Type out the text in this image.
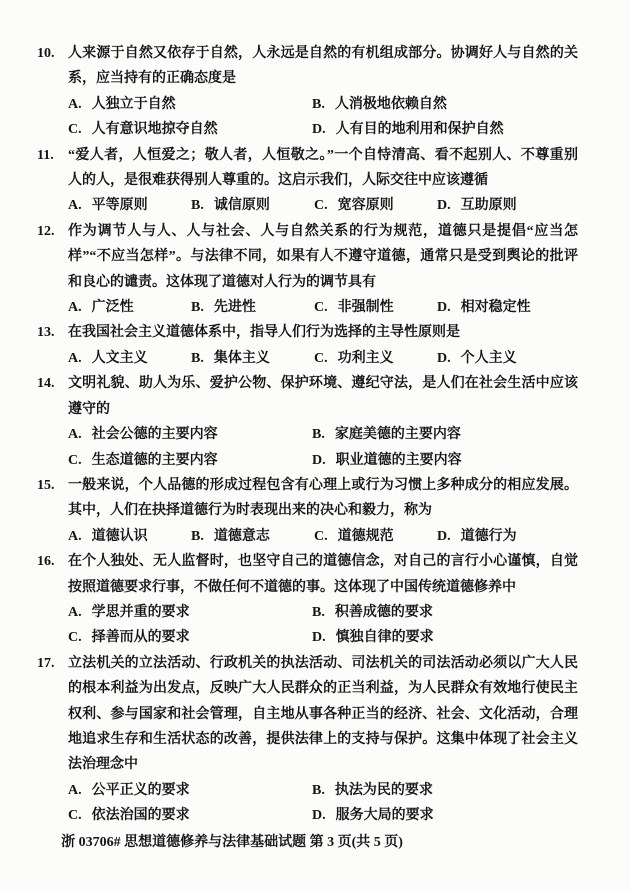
10. 人来源于自然又依存于自然，人永远是自然的有机组成部分。协调好人与自然的关系，应当持有的正确态度是
A. 人独立于自然	B. 人消极地依赖自然
C. 人有意识地掠夺自然	D. 人有目的地利用和保护自然
11. “爱人者，人恒爱之；敬人者，人恒敬之。”一个自恃清高、看不起别人、不尊重别人的人，是很难获得别人尊重的。这启示我们，人际交往中应该遵循
A. 平等原则	B. 诚信原则	C. 宽容原则	D. 互助原则
12. 作为调节人与人、人与社会、人与自然关系的行为规范，道德只是提倡“应当怎样”“不应当怎样”。与法律不同，如果有人不遵守道德，通常只是受到舆论的批评和良心的谴责。这体现了道德对人行为的调节具有
A. 广泛性	B. 先进性	C. 非强制性	D. 相对稳定性
13. 在我国社会主义道德体系中，指导人们行为选择的主导性原则是
A. 人文主义	B. 集体主义	C. 功利主义	D. 个人主义
14. 文明礼貌、助人为乐、爱护公物、保护环境、遵纪守法，是人们在社会生活中应该遵守的
A. 社会公德的主要内容	B. 家庭美德的主要内容
C. 生态道德的主要内容	D. 职业道德的主要内容
15. 一般来说，个人品德的形成过程包含有心理上或行为习惯上多种成分的相应发展。其中，人们在抉择道德行为时表现出来的决心和毅力，称为
A. 道德认识	B. 道德意志	C. 道德规范	D. 道德行为
16. 在个人独处、无人监督时，也坚守自己的道德信念，对自己的言行小心谨慎，自觉按照道德要求行事，不做任何不道德的事。这体现了中国传统道德修养中
A. 学思并重的要求	B. 积善成德的要求
C. 择善而从的要求	D. 慎独自律的要求
17. 立法机关的立法活动、行政机关的执法活动、司法机关的司法活动必须以广大人民的根本利益为出发点，反映广大人民群众的正当利益，为人民群众有效地行使民主权利、参与国家和社会管理，自主地从事各种正当的经济、社会、文化活动，合理地追求生存和生活状态的改善，提供法律上的支持与保护。这集中体现了社会主义法治理念中
A. 公平正义的要求	B. 执法为民的要求
C. 依法治国的要求	D. 服务大局的要求
浙 03706# 思想道德修养与法律基础试题 第 3 页(共 5 页)
